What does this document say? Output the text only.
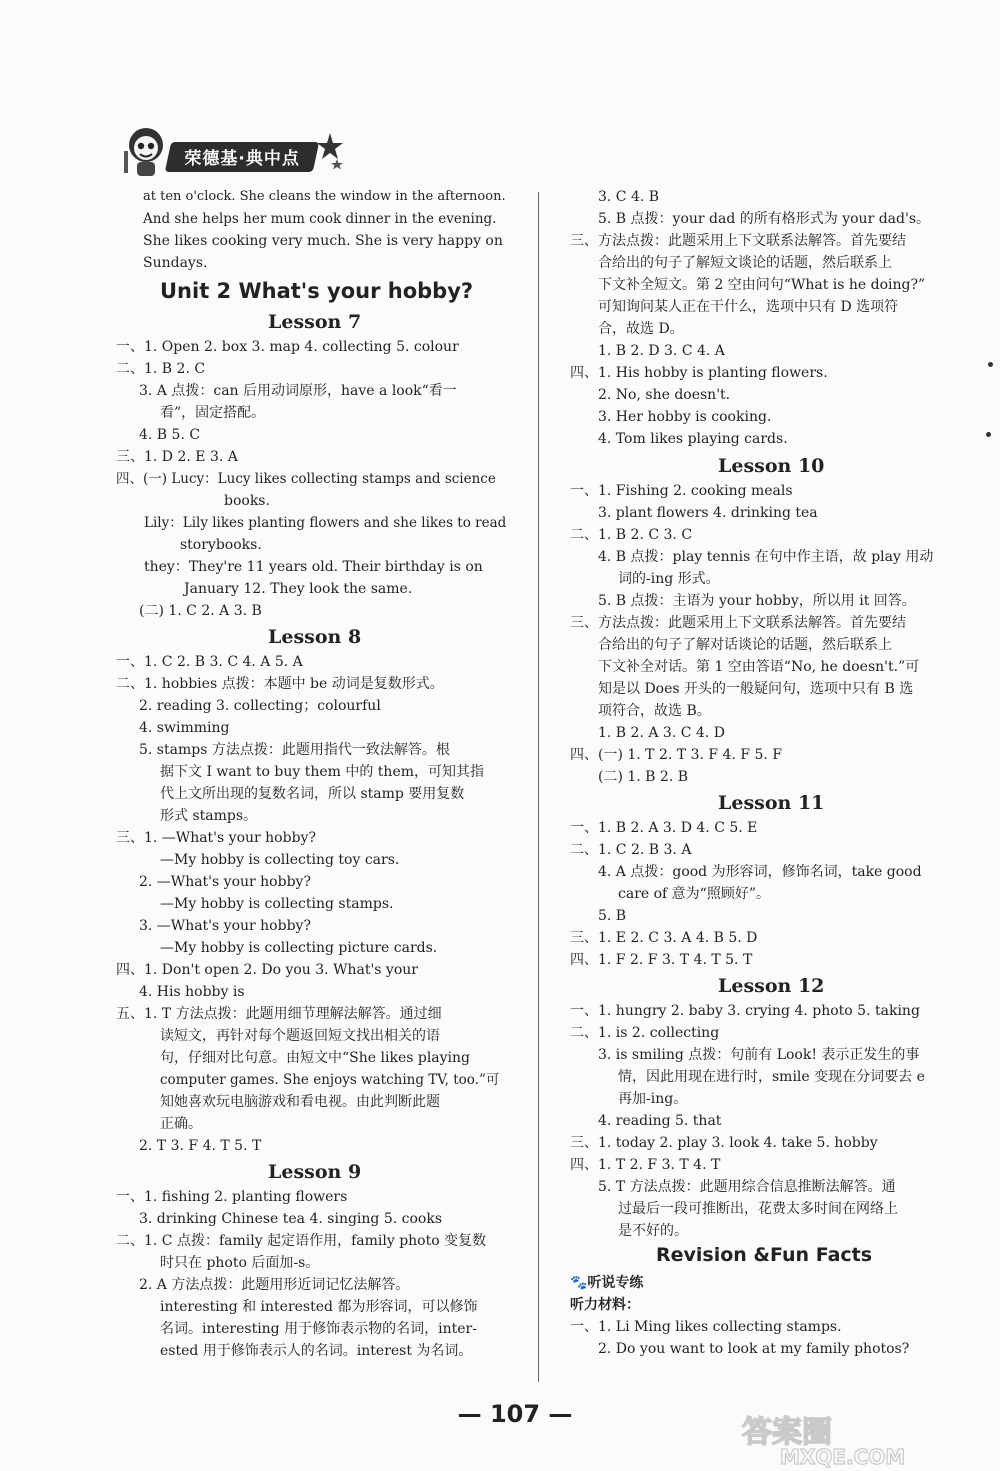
荣德基·典中点
at ten o'clock. She cleans the window in the afternoon.
And she helps her mum cook dinner in the evening.
She likes cooking very much. She is very happy on
Sundays.
Unit 2 What's your hobby?
Lesson 7
一、1. Open 2. box 3. map 4. collecting 5. colour
二、1. B 2. C
3. A 点拨：can 后用动词原形，have a look“看一
看”，固定搭配。
4. B 5. C
三、1. D 2. E 3. A
四、(一) Lucy：Lucy likes collecting stamps and science
books.
Lily：Lily likes planting flowers and she likes to read
storybooks.
they：They're 11 years old. Their birthday is on
January 12. They look the same.
(二) 1. C 2. A 3. B
Lesson 8
一、1. C 2. B 3. C 4. A 5. A
二、1. hobbies 点拨：本题中 be 动词是复数形式。
2. reading 3. collecting；colourful
4. swimming
5. stamps 方法点拨：此题用指代一致法解答。根
据下文 I want to buy them 中的 them，可知其指
代上文所出现的复数名词，所以 stamp 要用复数
形式 stamps。
三、1. —What's your hobby?
—My hobby is collecting toy cars.
2. —What's your hobby?
—My hobby is collecting stamps.
3. —What's your hobby?
—My hobby is collecting picture cards.
四、1. Don't open 2. Do you 3. What's your
4. His hobby is
五、1. T 方法点拨：此题用细节理解法解答。通过细
读短文，再针对每个题返回短文找出相关的语
句，仔细对比句意。由短文中“She likes playing
computer games. She enjoys watching TV, too.”可
知她喜欢玩电脑游戏和看电视。由此判断此题
正确。
2. T 3. F 4. T 5. T
Lesson 9
一、1. fishing 2. planting flowers
3. drinking Chinese tea 4. singing 5. cooks
二、1. C 点拨：family 起定语作用，family photo 变复数
时只在 photo 后面加-s。
2. A 方法点拨：此题用形近词记忆法解答。
interesting 和 interested 都为形容词，可以修饰
名词。interesting 用于修饰表示物的名词，inter-
ested 用于修饰表示人的名词。interest 为名词。
3. C 4. B
5. B 点拨：your dad 的所有格形式为 your dad's。
三、方法点拨：此题采用上下文联系法解答。首先要结
合给出的句子了解短文谈论的话题，然后联系上
下文补全短文。第 2 空由问句“What is he doing?”
可知询问某人正在干什么，选项中只有 D 选项符
合，故选 D。
1. B 2. D 3. C 4. A
四、1. His hobby is planting flowers.
2. No, she doesn't.
3. Her hobby is cooking.
4. Tom likes playing cards.
Lesson 10
一、1. Fishing 2. cooking meals
3. plant flowers 4. drinking tea
二、1. B 2. C 3. C
4. B 点拨：play tennis 在句中作主语，故 play 用动
词的-ing 形式。
5. B 点拨：主语为 your hobby，所以用 it 回答。
三、方法点拨：此题采用上下文联系法解答。首先要结
合给出的句子了解对话谈论的话题，然后联系上
下文补全对话。第 1 空由答语“No, he doesn't.”可
知是以 Does 开头的一般疑问句，选项中只有 B 选
项符合，故选 B。
1. B 2. A 3. C 4. D
四、(一) 1. T 2. T 3. F 4. F 5. F
(二) 1. B 2. B
Lesson 11
一、1. B 2. A 3. D 4. C 5. E
二、1. C 2. B 3. A
4. A 点拨：good 为形容词，修饰名词，take good
care of 意为“照顾好”。
5. B
三、1. E 2. C 3. A 4. B 5. D
四、1. F 2. F 3. T 4. T 5. T
Lesson 12
一、1. hungry 2. baby 3. crying 4. photo 5. taking
二、1. is 2. collecting
3. is smiling 点拨：句前有 Look! 表示正发生的事
情，因此用现在进行时，smile 变现在分词要去 e
再加-ing。
4. reading 5. that
三、1. today 2. play 3. look 4. take 5. hobby
四、1. T 2. F 3. T 4. T
5. T 方法点拨：此题用综合信息推断法解答。通
过最后一段可推断出，花费太多时间在网络上
是不好的。
Revision &Fun Facts
🐾听说专练
听力材料：
一、1. Li Ming likes collecting stamps.
2. Do you want to look at my family photos?
— 107 —
答案圈
MXQE.COM
